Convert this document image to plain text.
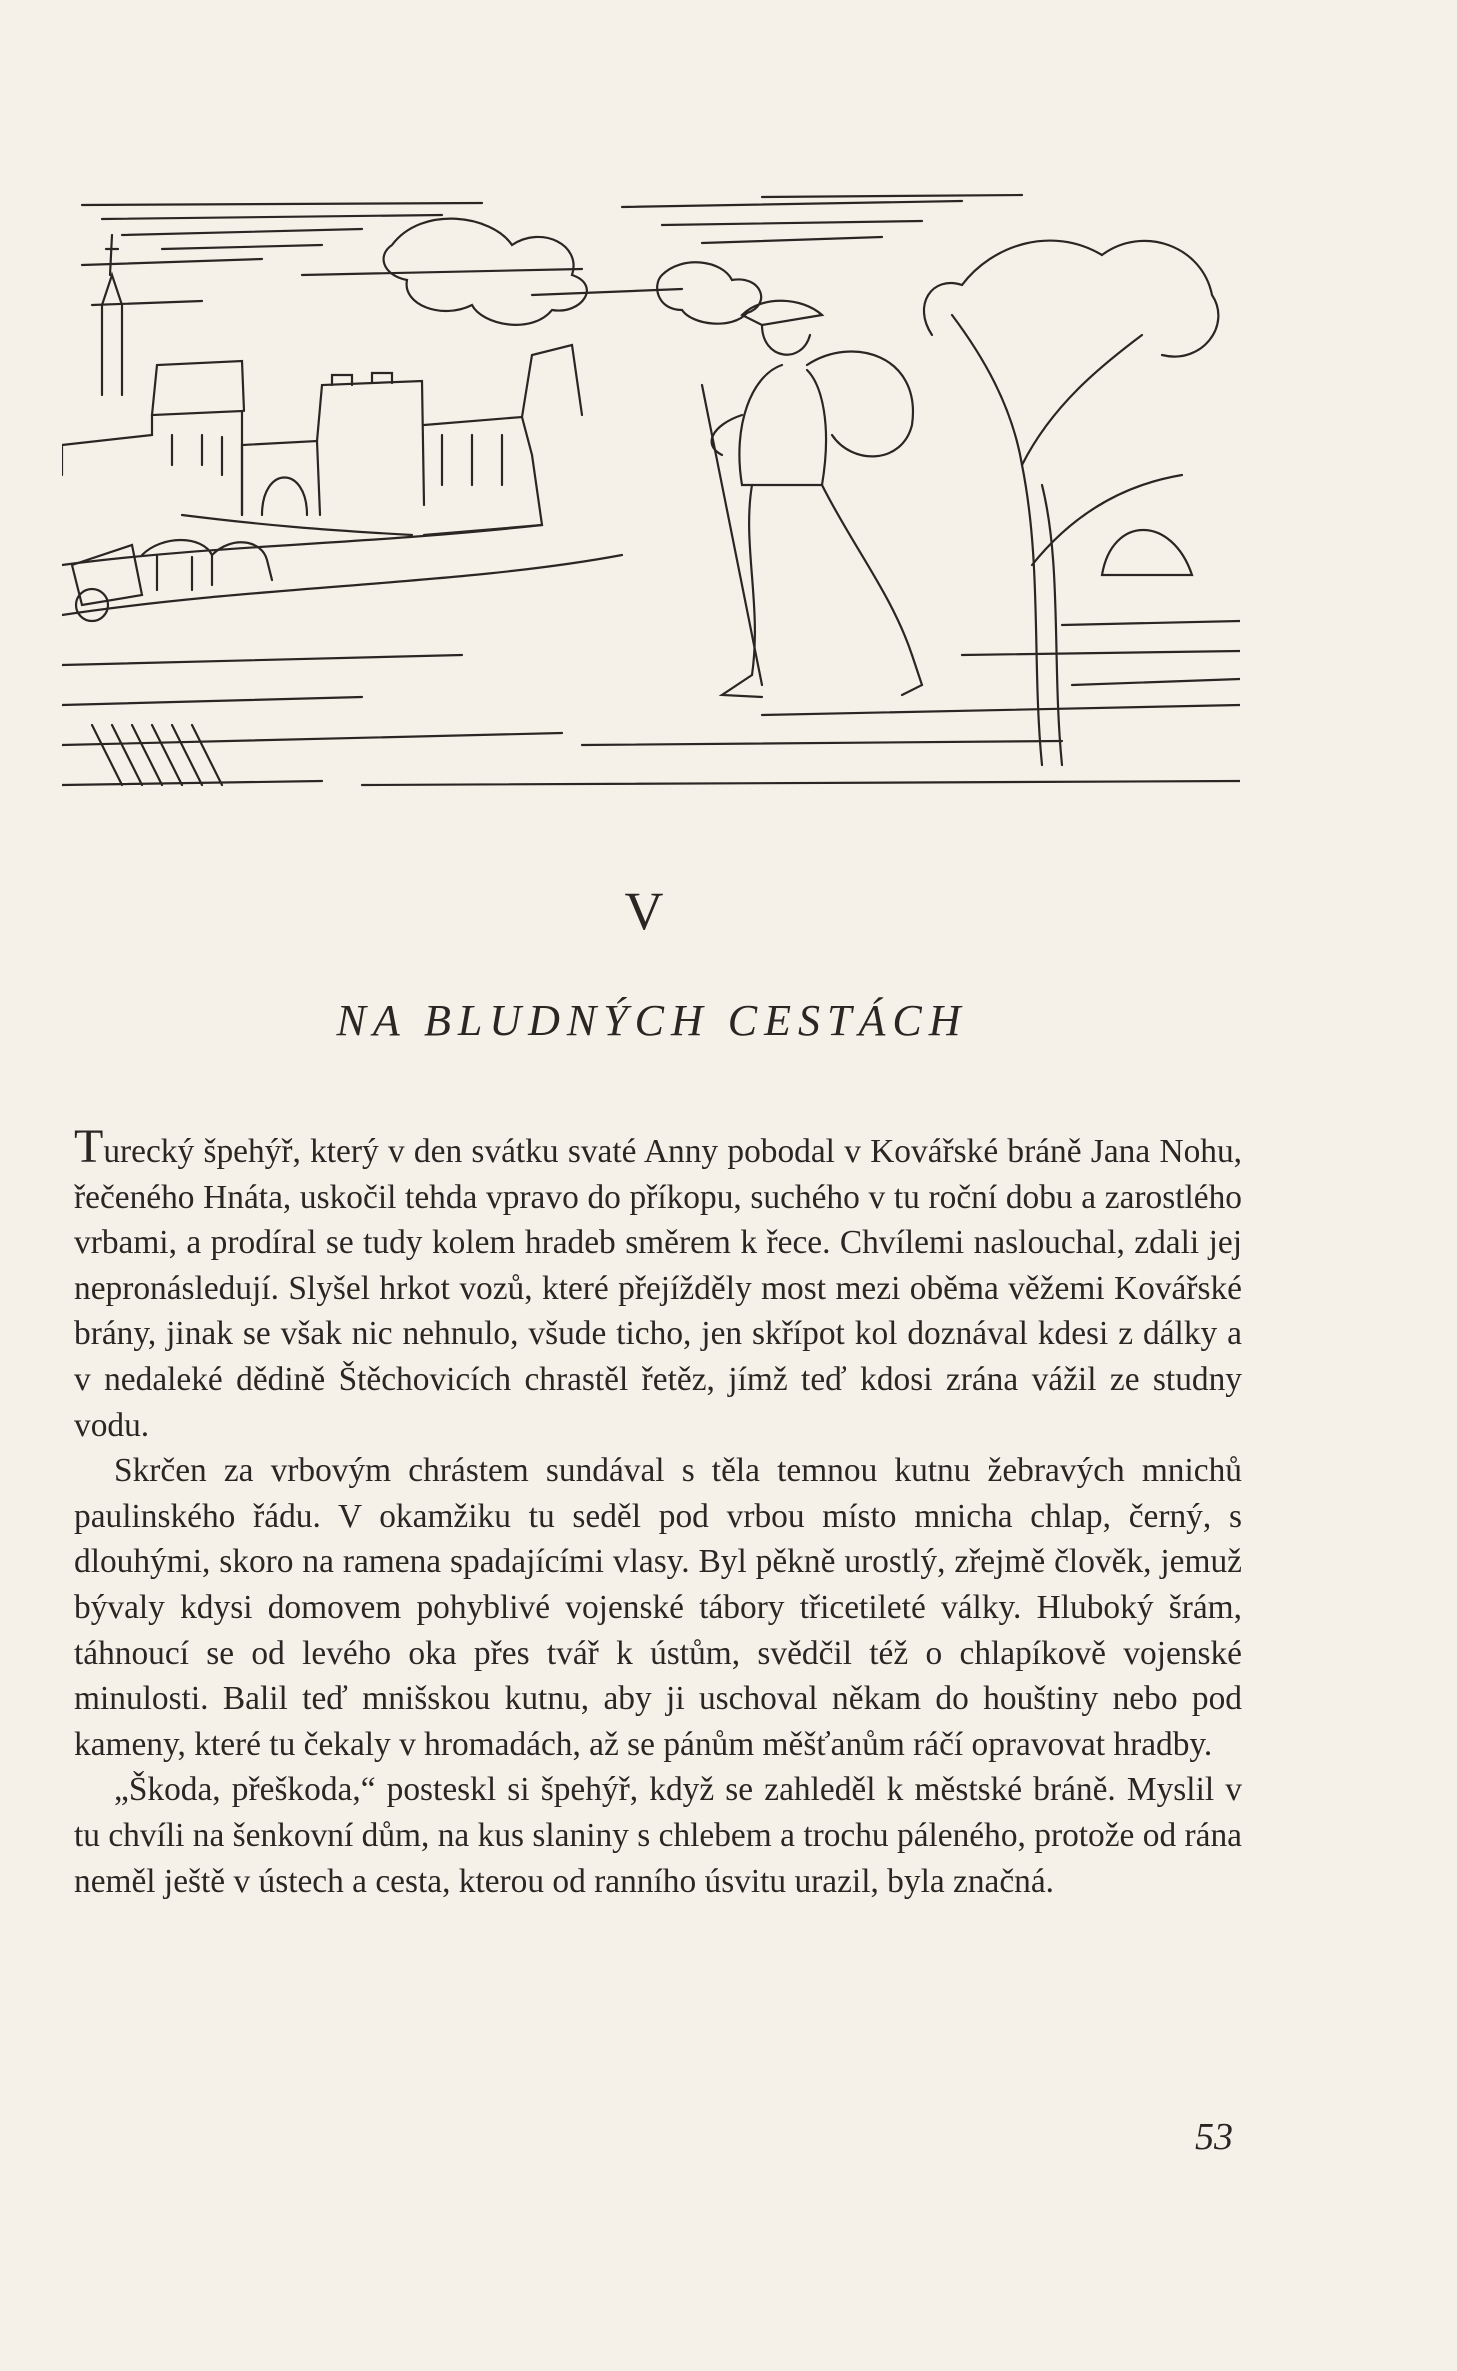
V
NA BLUDNÝCH CESTÁCH

Turecký špehýř, který v den svátku svaté Anny pobodal v Kovářské bráně Jana Nohu, řečeného Hnáta, uskočil tehda vpravo do příkopu, suchého v tu roční dobu a zarostlého vrbami, a prodíral se tudy kolem hradeb směrem k řece. Chvílemi naslouchal, zdali jej nepronásledují. Slyšel hrkot vozů, které přejížděly most mezi oběma věžemi Kovářské brány, jinak se však nic nehnulo, všude ticho, jen skřípot kol doznával kdesi z dálky a v nedaleké dědině Štěchovicích chrastěl řetěz, jímž teď kdosi zrána vážil ze studny vodu.

Skrčen za vrbovým chrástem sundával s těla temnou kutnu žebravých mnichů paulinského řádu. V okamžiku tu seděl pod vrbou místo mnicha chlap, černý, s dlouhými, skoro na ramena spadajícími vlasy. Byl pěkně urostlý, zřejmě člověk, jemuž bývaly kdysi domovem pohyblivé vojenské tábory třicetileté války. Hluboký šrám, táhnoucí se od levého oka přes tvář k ústům, svědčil též o chlapíkově vojenské minulosti. Balil teď mnišskou kutnu, aby ji uschoval někam do houštiny nebo pod kameny, které tu čekaly v hromadách, až se pánům měšťanům ráčí opravovat hradby.

„Škoda, přeškoda,“ posteskl si špehýř, když se zahleděl k městské bráně. Myslil v tu chvíli na šenkovní dům, na kus slaniny s chlebem a trochu páleného, protože od rána neměl ještě v ústech a cesta, kterou od ranního úsvitu urazil, byla značná.

53
